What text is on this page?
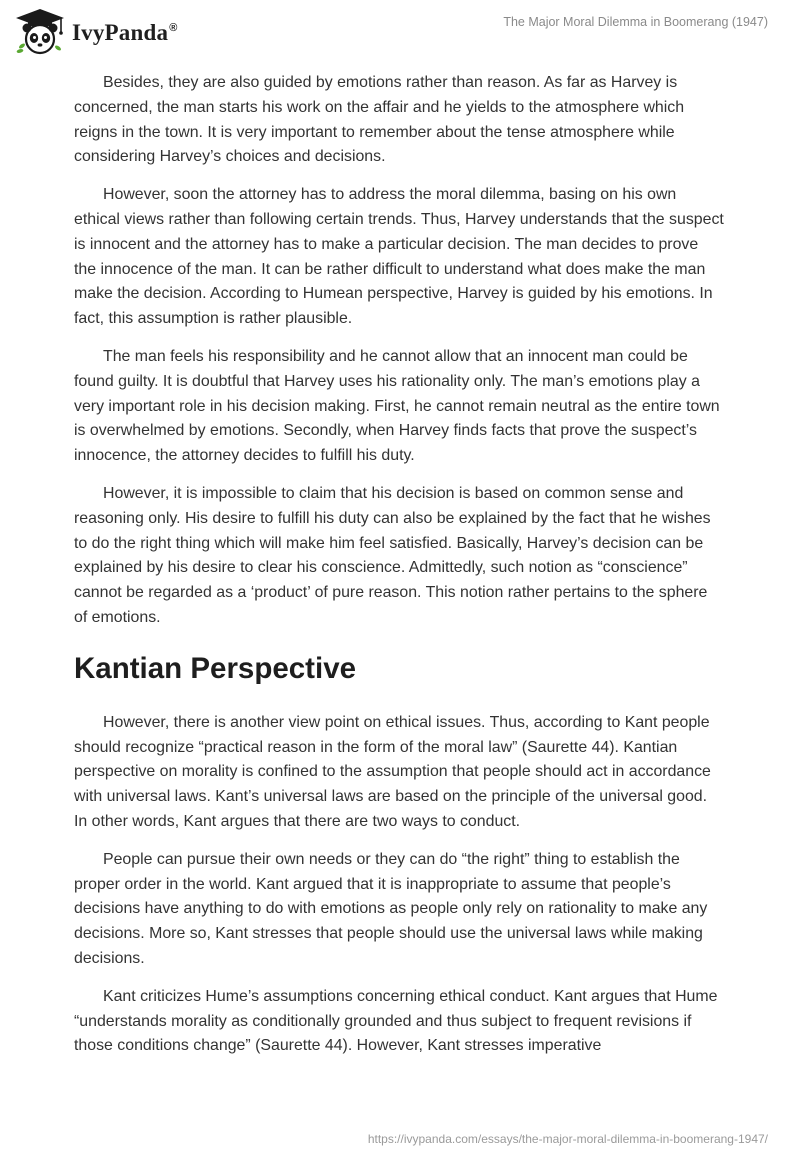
IvyPanda®	The Major Moral Dilemma in Boomerang (1947)

Besides, they are also guided by emotions rather than reason. As far as Harvey is concerned, the man starts his work on the affair and he yields to the atmosphere which reigns in the town. It is very important to remember about the tense atmosphere while considering Harvey’s choices and decisions.

However, soon the attorney has to address the moral dilemma, basing on his own ethical views rather than following certain trends. Thus, Harvey understands that the suspect is innocent and the attorney has to make a particular decision. The man decides to prove the innocence of the man. It can be rather difficult to understand what does make the man make the decision. According to Humean perspective, Harvey is guided by his emotions. In fact, this assumption is rather plausible.

The man feels his responsibility and he cannot allow that an innocent man could be found guilty. It is doubtful that Harvey uses his rationality only. The man’s emotions play a very important role in his decision making. First, he cannot remain neutral as the entire town is overwhelmed by emotions. Secondly, when Harvey finds facts that prove the suspect’s innocence, the attorney decides to fulfill his duty.

However, it is impossible to claim that his decision is based on common sense and reasoning only. His desire to fulfill his duty can also be explained by the fact that he wishes to do the right thing which will make him feel satisfied. Basically, Harvey’s decision can be explained by his desire to clear his conscience. Admittedly, such notion as “conscience” cannot be regarded as a ‘product’ of pure reason. This notion rather pertains to the sphere of emotions.

Kantian Perspective

However, there is another view point on ethical issues. Thus, according to Kant people should recognize “practical reason in the form of the moral law” (Saurette 44). Kantian perspective on morality is confined to the assumption that people should act in accordance with universal laws. Kant’s universal laws are based on the principle of the universal good. In other words, Kant argues that there are two ways to conduct.

People can pursue their own needs or they can do “the right” thing to establish the proper order in the world. Kant argued that it is inappropriate to assume that people’s decisions have anything to do with emotions as people only rely on rationality to make any decisions. More so, Kant stresses that people should use the universal laws while making decisions.

Kant criticizes Hume’s assumptions concerning ethical conduct. Kant argues that Hume “understands morality as conditionally grounded and thus subject to frequent revisions if those conditions change” (Saurette 44). However, Kant stresses imperative

https://ivypanda.com/essays/the-major-moral-dilemma-in-boomerang-1947/
